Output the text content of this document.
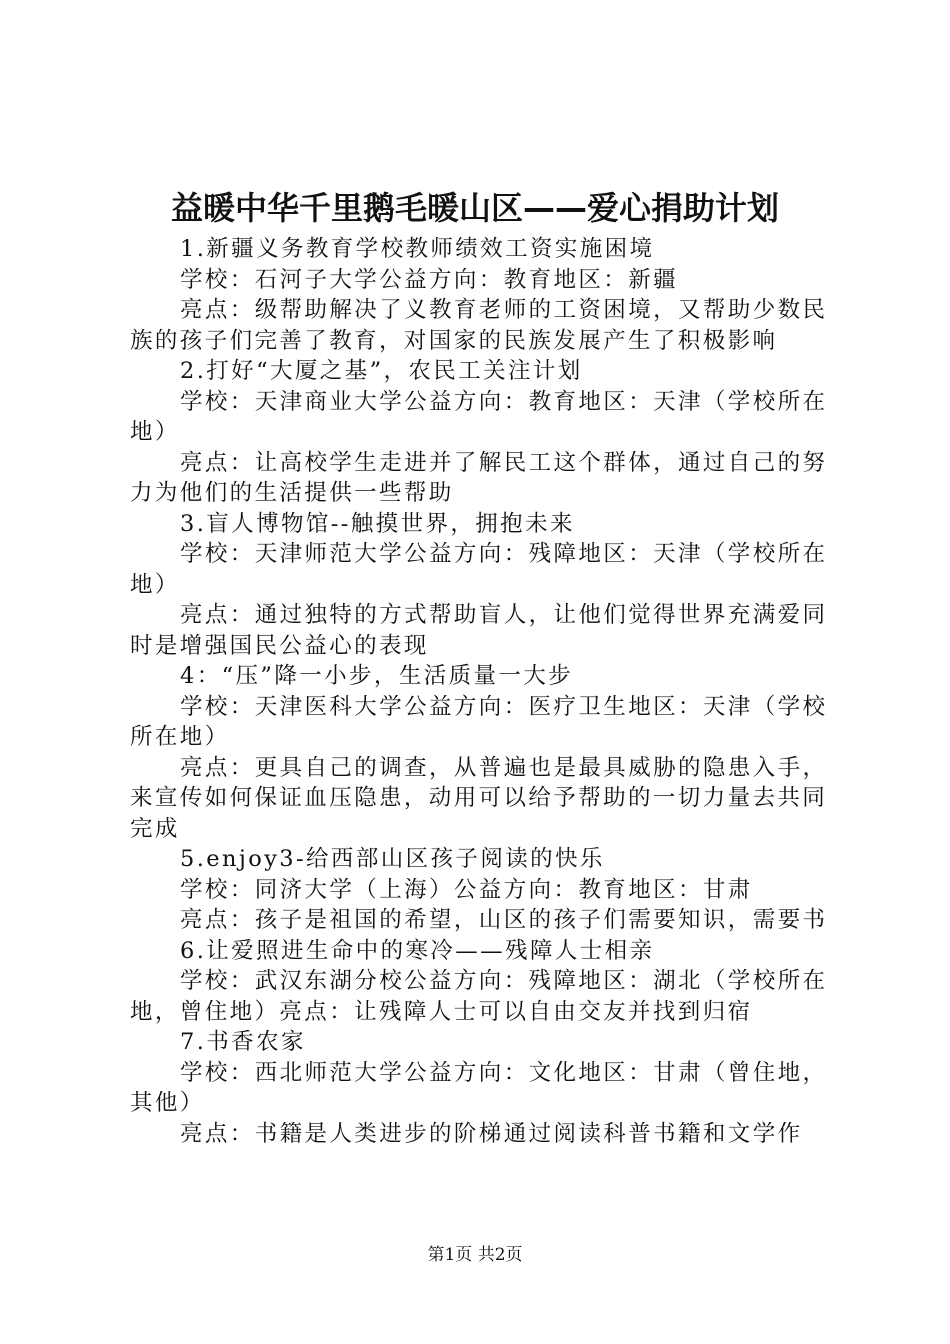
益暖中华千里鹅毛暖山区——爱心捐助计划

1.新疆义务教育学校教师绩效工资实施困境

学校：石河子大学公益方向：教育地区：新疆

亮点：级帮助解决了义教育老师的工资困境，又帮助少数民族的孩子们完善了教育，对国家的民族发展产生了积极影响

2.打好“大厦之基”，农民工关注计划

学校：天津商业大学公益方向：教育地区：天津（学校所在地）

亮点：让高校学生走进并了解民工这个群体，通过自己的努力为他们的生活提供一些帮助

3.盲人博物馆--触摸世界，拥抱未来

学校：天津师范大学公益方向：残障地区：天津（学校所在地）

亮点：通过独特的方式帮助盲人，让他们觉得世界充满爱同时是增强国民公益心的表现

4：“压”降一小步，生活质量一大步

学校：天津医科大学公益方向：医疗卫生地区：天津（学校所在地）

亮点：更具自己的调查，从普遍也是最具威胁的隐患入手，来宣传如何保证血压隐患，动用可以给予帮助的一切力量去共同完成

5.enjoy3-给西部山区孩子阅读的快乐

学校：同济大学（上海）公益方向：教育地区：甘肃

亮点：孩子是祖国的希望，山区的孩子们需要知识，需要书

6.让爱照进生命中的寒冷——残障人士相亲

学校：武汉东湖分校公益方向：残障地区：湖北（学校所在地，曾住地）亮点：让残障人士可以自由交友并找到归宿

7.书香农家

学校：西北师范大学公益方向：文化地区：甘肃（曾住地，其他）

亮点：书籍是人类进步的阶梯通过阅读科普书籍和文学作

第1页 共2页
